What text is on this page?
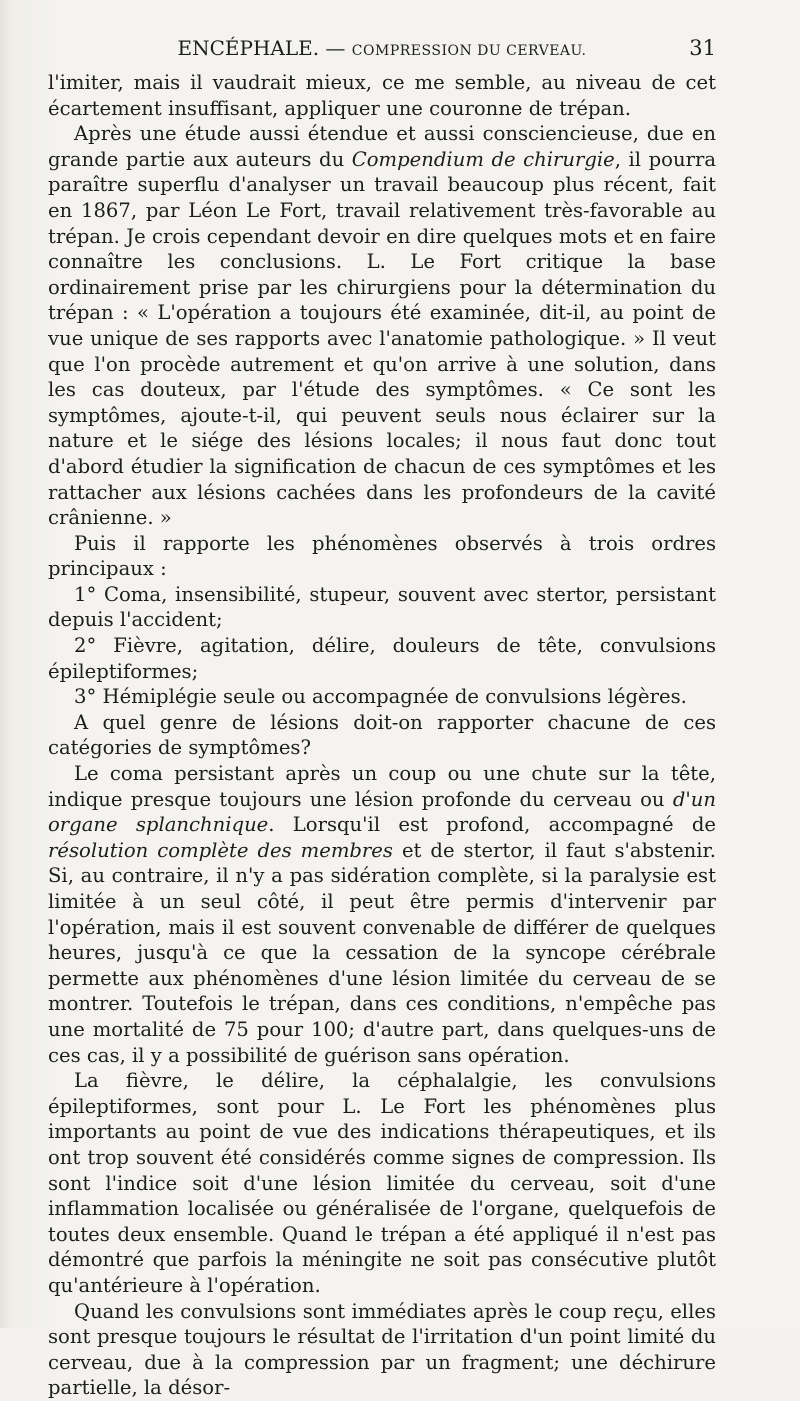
ENCÉPHALE. — COMPRESSION DU CERVEAU.	31

l'imiter, mais il vaudrait mieux, ce me semble, au niveau de cet écartement insuffisant, appliquer une couronne de trépan.

Après une étude aussi étendue et aussi consciencieuse, due en grande partie aux auteurs du Compendium de chirurgie, il pourra paraître superflu d'analyser un travail beaucoup plus récent, fait en 1867, par Léon Le Fort, travail relativement très-favorable au trépan. Je crois cependant devoir en dire quelques mots et en faire connaître les conclusions. L. Le Fort critique la base ordinairement prise par les chirurgiens pour la détermination du trépan : « L'opération a toujours été examinée, dit-il, au point de vue unique de ses rapports avec l'anatomie pathologique. » Il veut que l'on procède autrement et qu'on arrive à une solution, dans les cas douteux, par l'étude des symptômes. « Ce sont les symptômes, ajoute-t-il, qui peuvent seuls nous éclairer sur la nature et le siége des lésions locales; il nous faut donc tout d'abord étudier la signification de chacun de ces symptômes et les rattacher aux lésions cachées dans les profondeurs de la cavité crânienne. »

Puis il rapporte les phénomènes observés à trois ordres principaux :

1° Coma, insensibilité, stupeur, souvent avec stertor, persistant depuis l'accident;

2° Fièvre, agitation, délire, douleurs de tête, convulsions épileptiformes;

3° Hémiplégie seule ou accompagnée de convulsions légères.

A quel genre de lésions doit-on rapporter chacune de ces catégories de symptômes?

Le coma persistant après un coup ou une chute sur la tête, indique presque toujours une lésion profonde du cerveau ou d'un organe splanchnique. Lorsqu'il est profond, accompagné de résolution complète des membres et de stertor, il faut s'abstenir. Si, au contraire, il n'y a pas sidération complète, si la paralysie est limitée à un seul côté, il peut être permis d'intervenir par l'opération, mais il est souvent convenable de différer de quelques heures, jusqu'à ce que la cessation de la syncope cérébrale permette aux phénomènes d'une lésion limitée du cerveau de se montrer. Toutefois le trépan, dans ces conditions, n'empêche pas une mortalité de 75 pour 100; d'autre part, dans quelques-uns de ces cas, il y a possibilité de guérison sans opération.

La fièvre, le délire, la céphalalgie, les convulsions épileptiformes, sont pour L. Le Fort les phénomènes plus importants au point de vue des indications thérapeutiques, et ils ont trop souvent été considérés comme signes de compression. Ils sont l'indice soit d'une lésion limitée du cerveau, soit d'une inflammation localisée ou généralisée de l'organe, quelquefois de toutes deux ensemble. Quand le trépan a été appliqué il n'est pas démontré que parfois la méningite ne soit pas consécutive plutôt qu'antérieure à l'opération.

Quand les convulsions sont immédiates après le coup reçu, elles sont presque toujours le résultat de l'irritation d'un point limité du cerveau, due à la compression par un fragment; une déchirure partielle, la désor-
